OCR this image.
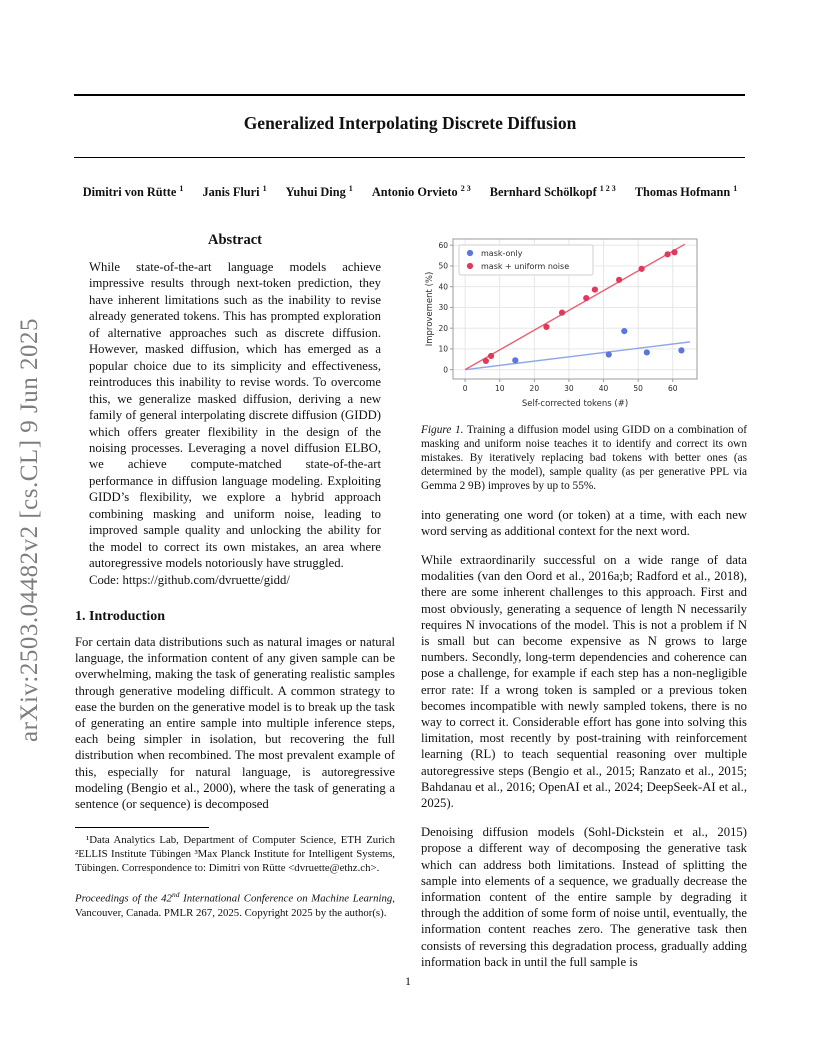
arXiv:2503.04482v2 [cs.CL] 9 Jun 2025
Generalized Interpolating Discrete Diffusion
Dimitri von Rütte $^1$ Janis Fluri $^1$ Yuhui Ding $^1$ Antonio Orvieto $^{2 3}$ Bernhard Schölkopf $^{1 2 3}$ Thomas Hofmann $^1$
Abstract
While state-of-the-art language models achieve impressive results through next-token prediction, they have inherent limitations such as the inability to revise already generated tokens. This has prompted exploration of alternative approaches such as discrete diffusion. However, masked diffusion, which has emerged as a popular choice due to its simplicity and effectiveness, reintroduces this inability to revise words. To overcome this, we generalize masked diffusion, deriving a new family of general interpolating discrete diffusion (GIDD) which offers greater flexibility in the design of the noising processes. Leveraging a novel diffusion ELBO, we achieve compute-matched state-of-the-art performance in diffusion language modeling. Exploiting GIDD’s flexibility, we explore a hybrid approach combining masking and uniform noise, leading to improved sample quality and unlocking the ability for the model to correct its own mistakes, an area where autoregressive models notoriously have struggled.
Code: https://github.com/dvruette/gidd/
1. Introduction
For certain data distributions such as natural images or natural language, the information content of any given sample can be overwhelming, making the task of generating realistic samples through generative modeling difficult. A common strategy to ease the burden on the generative model is to break up the task of generating an entire sample into multiple inference steps, each being simpler in isolation, but recovering the full distribution when recombined. The most prevalent example of this, especially for natural language, is autoregressive modeling (Bengio et al., 2000), where the task of generating a sentence (or sequence) is decomposed
¹Data Analytics Lab, Department of Computer Science, ETH Zurich ²ELLIS Institute Tübingen ³Max Planck Institute for Intelligent Systems, Tübingen. Correspondence to: Dimitri von Rütte <dvruette@ethz.ch>.
Proceedings of the 42nd International Conference on Machine Learning, Vancouver, Canada. PMLR 267, 2025. Copyright 2025 by the author(s).
0	10	20	30	40	50	60
0
10
20
30
40
50
60
Self-corrected tokens (#)
Improvement (%)
mask-only
mask + uniform noise
Figure 1. Training a diffusion model using GIDD on a combination of masking and uniform noise teaches it to identify and correct its own mistakes. By iteratively replacing bad tokens with better ones (as determined by the model), sample quality (as per generative PPL via Gemma 2 9B) improves by up to 55%.
into generating one word (or token) at a time, with each new word serving as additional context for the next word.
While extraordinarily successful on a wide range of data modalities (van den Oord et al., 2016a;b; Radford et al., 2018), there are some inherent challenges to this approach. First and most obviously, generating a sequence of length N necessarily requires N invocations of the model. This is not a problem if N is small but can become expensive as N grows to large numbers. Secondly, long-term dependencies and coherence can pose a challenge, for example if each step has a non-negligible error rate: If a wrong token is sampled or a previous token becomes incompatible with newly sampled tokens, there is no way to correct it. Considerable effort has gone into solving this limitation, most recently by post-training with reinforcement learning (RL) to teach sequential reasoning over multiple autoregressive steps (Bengio et al., 2015; Ranzato et al., 2015; Bahdanau et al., 2016; OpenAI et al., 2024; DeepSeek-AI et al., 2025).
Denoising diffusion models (Sohl-Dickstein et al., 2015) propose a different way of decomposing the generative task which can address both limitations. Instead of splitting the sample into elements of a sequence, we gradually decrease the information content of the entire sample by degrading it through the addition of some form of noise until, eventually, the information content reaches zero. The generative task then consists of reversing this degradation process, gradually adding information back in until the full sample is
1
